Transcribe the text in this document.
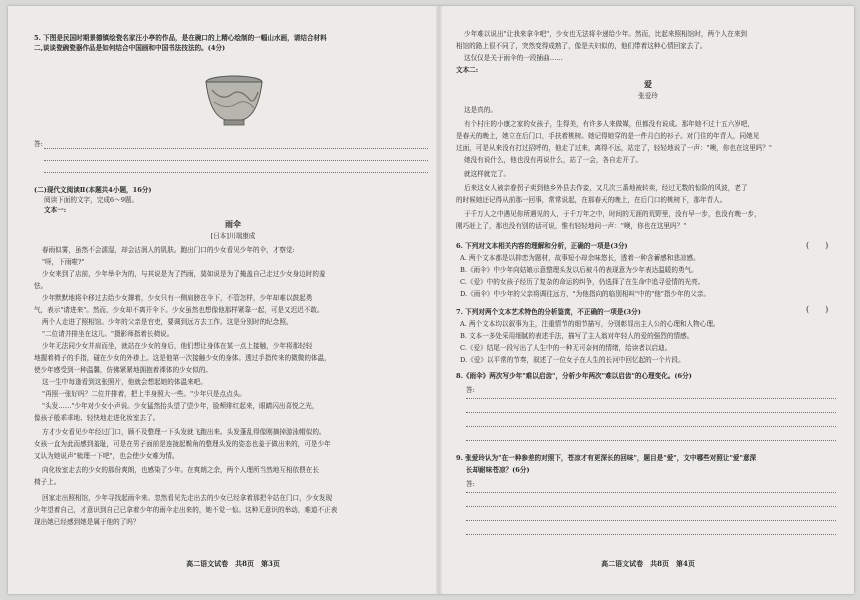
5. 下图是民国时期景德镇绘瓷名家汪小亭的作品，是在碗口的上精心绘制的一幅山水画，请结合材料
二,谈谈瓷碗瓷器作品是如何结合中国画和中国书法技法的。(4分)
答:
(二)现代文阅读Ⅱ(本题共4小题，16分)
阅读下面的文字，完成6～9题。
文本一:
雨伞
[日本]川端康成
春雨似雾，虽然不会濡湿，却会沾润人的肌肤。跑出门口的少女看见少年的伞，才察觉:
"呀，下雨啦?"
少女来到了店前，少年举伞为的，与其说是为了挡雨，莫如说是为了掩盖自己走过少女身边时的羞
怯。
少年默默地将伞移过去给少女撑着，少女只有一侧肩膀在伞下，不管怎样，少年却难以鼓起勇
气，表示"请进来"。然而，少女却不离开伞下。少女虽然也想像他那样紧靠一起，可是又迟迟不敢。
两个人走进了照相馆。少年的父亲是官吏，要调到远方去工作。这是分别时的纪念照。
"二位请并排坐在这儿。"摄影师指着长椅说。
少年无法同少女并肩而坐，就站在少女的身后，他们想让身体在某一点上接触，少年将那轻轻
地握着椅子的手指，碰在少女的外褂上。这是他第一次接触少女的身体。透过手指传来的微微的体温，
使少年感受到一种温馨，仿佛紧紧地拥抱着裸体的少女似的。
这一生中每逢看到这张照片，他就会想起她的体温来吧。
"再照一张好吗？二位并排着，把上半身照大一些。"少年只是点点头。
"头发……"少年对少女小声说。少女猛然抬头望了望少年，脸颊绯红起来，眼睛闪出喜悦之光，
像孩子般乖乖地、轻快地走进化妆室去了。
方才少女看见少年经过门口，顾不及整理一下头发就飞跑出来。头发蓬乱得像刚摘掉游泳帽似的。
女孩一直为此而感到羞耻，可是在男子面前是连拢起鬓角的整理头发的姿态也羞于做出来的，可是少年
又认为她说声"梳理一下吧"，也会使少女难为情。
向化妆室走去的少女的那份爽朗，也感染了少年。在爽朗之余，两个人理所当然地互相依偎在长
椅子上。
回家走出照相馆，少年寻找起雨伞来。忽然看见先走出去的少女已经拿着那把伞站在门口，少女发现
少年望着自己，才意识到自己已拿着少年的雨伞走出来的，她不觉一惊。这种无意识的举动，难道不正表
现出她已经感到她是属于他的了吗？
高二语文试卷　共8页　第3页
少年难以说出"让我来拿伞吧"，少女也无法将伞递给少年。然而，比起来照相馆时，两个人在来到
相馆的路上很不同了，突然变得成熟了，像是夫妇似的，他们带着这种心情回家去了。
这仅仅是关于雨伞的一段插曲……
文本二:
爱
张爱玲
这是真的。
有个村庄的小康之家的女孩子，生得美，有许多人来做媒，但都没有说成。那年她不过十五六岁吧，
是春天的晚上，她立在后门口，手扶着桃树。她记得她穿的是一件月白的衫子。对门住的年青人，同她见
过面，可是从来没有打过招呼的，他走了过来，离得不远，站定了，轻轻地说了一声："噢，你也在这里吗？"
她没有说什么，他也没有再说什么，站了一会，各自走开了。
就这样就完了。
后来这女人被亲眷拐子卖到他乡外县去作妾，又几次三番地被转卖，经过无数的惊险的风波，老了
的时候她还记得从前那一回事，常常说起，在那春天的晚上，在后门口的桃树下，那年青人。
于千万人之中遇见你所遇见的人，于千万年之中，时间的无涯的荒野里，没有早一步，也没有晚一步，
刚巧赶上了，那也没有别的话可说，惟有轻轻地问一声："噢，你也在这里吗？"
6. 下列对文本相关内容的理解和分析，正确的一项是(3分)	(　　)
A. 两个文本都是以抑恋为题材，故事短小却余味悠长，透着一种含蓄感和悲凉感。
B.《雨伞》中少年向姑娘示意整理头发以后被斗的表现意为少年表达温暖的勇气。
C.《爱》中的女孩子经历了复杂的命运的纠争，仍选择了在生命中追寻爱情的光亮。
D.《雨伞》中少年的父亲将调往远方，"为他指向的临别相叫"中的"他"指少年的父亲。
7. 下列对两个文本艺术特色的分析鉴赏，不正确的一项是(3分)	(　　)
A. 两个文本均以叙事为主，注重情节的细节描写，分别彰显出主人公的心理和人物心理。
B. 文本一多处采用细腻的表述手法，描写了主人翁对年轻人的爱的强烈的情感。
C.《爱》结尾一段写出了人生中的一种无可奈何的情绪，给读者以启迪。
D.《爱》以平常的节奏，叙述了一位女子在人生的长河中回忆起的一个片段。
8.《雨伞》两次写少年"难以启齿"，分析少年两次"难以启齿"的心理变化。(6分)
答:
9. 张爱玲认为"在一种参差的对照下，苍凉才有更深长的回味"，题目是"爱"，文中哪些对照让"爱"意深
长却耐味苍凉？(6分)
答:
高二语文试卷　共8页　第4页
